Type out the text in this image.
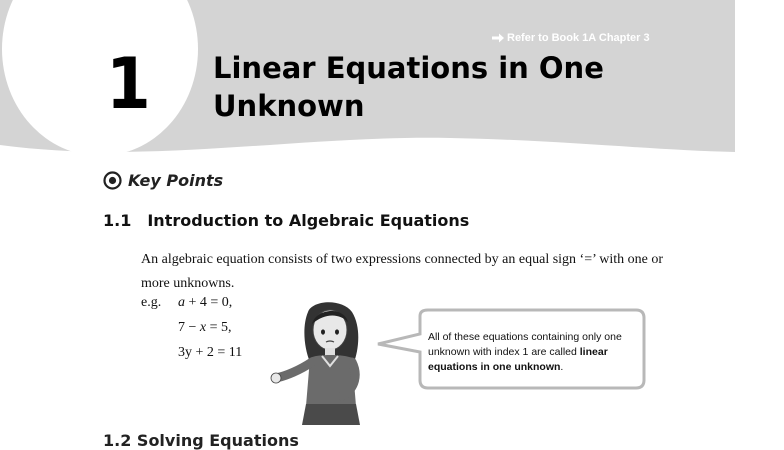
1
Refer to Book 1A Chapter 3
Linear Equations in One Unknown
Key Points
1.1 Introduction to Algebraic Equations
An algebraic equation consists of two expressions connected by an equal sign ‘=’ with one or more unknowns.
e.g. a + 4 = 0,
7 − x = 5,
3y + 2 = 11
All of these equations containing only one unknown with index 1 are called linear equations in one unknown.
1.2 Solving Equations
